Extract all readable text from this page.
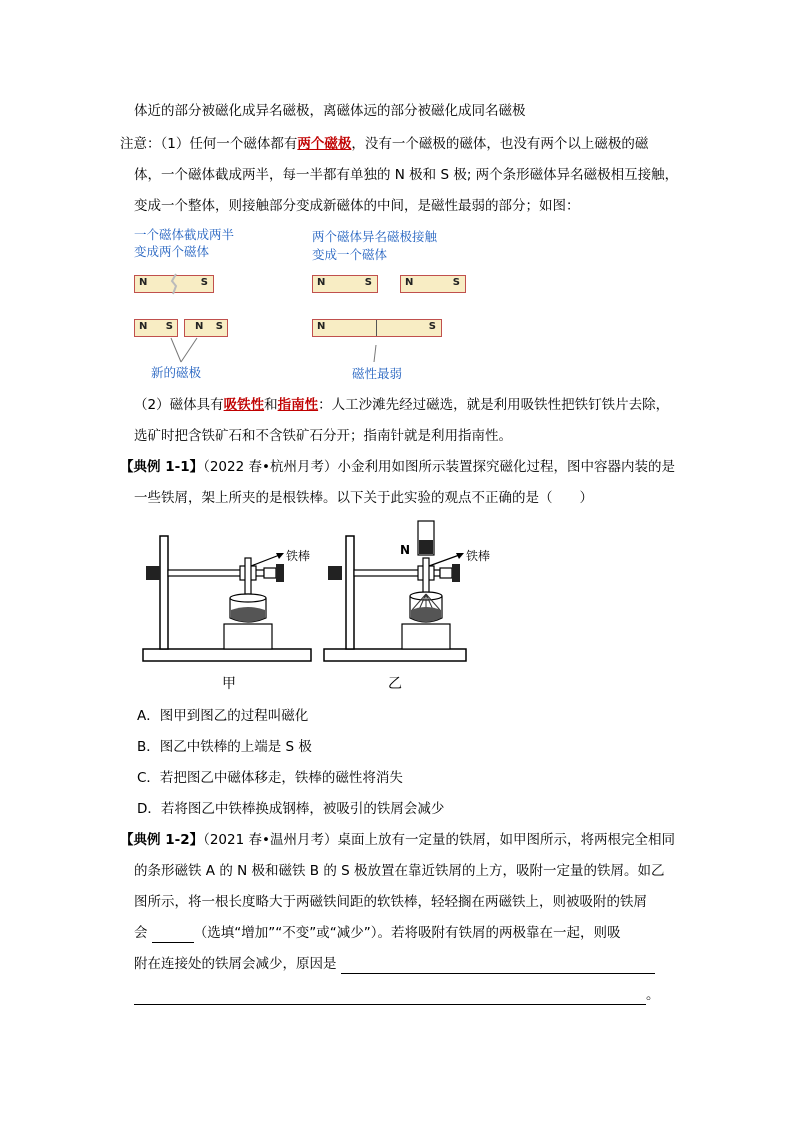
体近的部分被磁化成异名磁极，离磁体远的部分被磁化成同名磁极
注意：（1）任何一个磁体都有两个磁极，没有一个磁极的磁体，也没有两个以上磁极的磁
体，一个磁体截成两半，每一半都有单独的 N 极和 S 极; 两个条形磁体异名磁极相互接触，
变成一个整体，则接触部分变成新磁体的中间，是磁性最弱的部分；如图：
一个磁体截成两半
变成两个磁体
两个磁体异名磁极接触
变成一个磁体
N	S
N S N S
新的磁极
N	S	N	S
N	S
磁性最弱
（2）磁体具有吸铁性和指南性：人工沙滩先经过磁选，就是利用吸铁性把铁钉铁片去除，
选矿时把含铁矿石和不含铁矿石分开；指南针就是利用指南性。
【典例 1-1】（2022 春•杭州月考）小金利用如图所示装置探究磁化过程，图中容器内装的是
一些铁屑，架上所夹的是根铁棒。以下关于此实验的观点不正确的是（　　）
铁棒
甲
N	铁棒
乙
A．图甲到图乙的过程叫磁化
B．图乙中铁棒的上端是 S 极
C．若把图乙中磁体移走，铁棒的磁性将消失
D．若将图乙中铁棒换成钢棒，被吸引的铁屑会减少
【典例 1-2】（2021 春•温州月考）桌面上放有一定量的铁屑，如甲图所示，将两根完全相同
的条形磁铁 A 的 N 极和磁铁 B 的 S 极放置在靠近铁屑的上方，吸附一定量的铁屑。如乙
图所示，将一根长度略大于两磁铁间距的软铁棒，轻轻搁在两磁铁上，则被吸附的铁屑
会	（选填“增加”“不变”或“减少”）。若将吸附有铁屑的两极靠在一起，则吸
附在连接处的铁屑会减少，原因是
。
